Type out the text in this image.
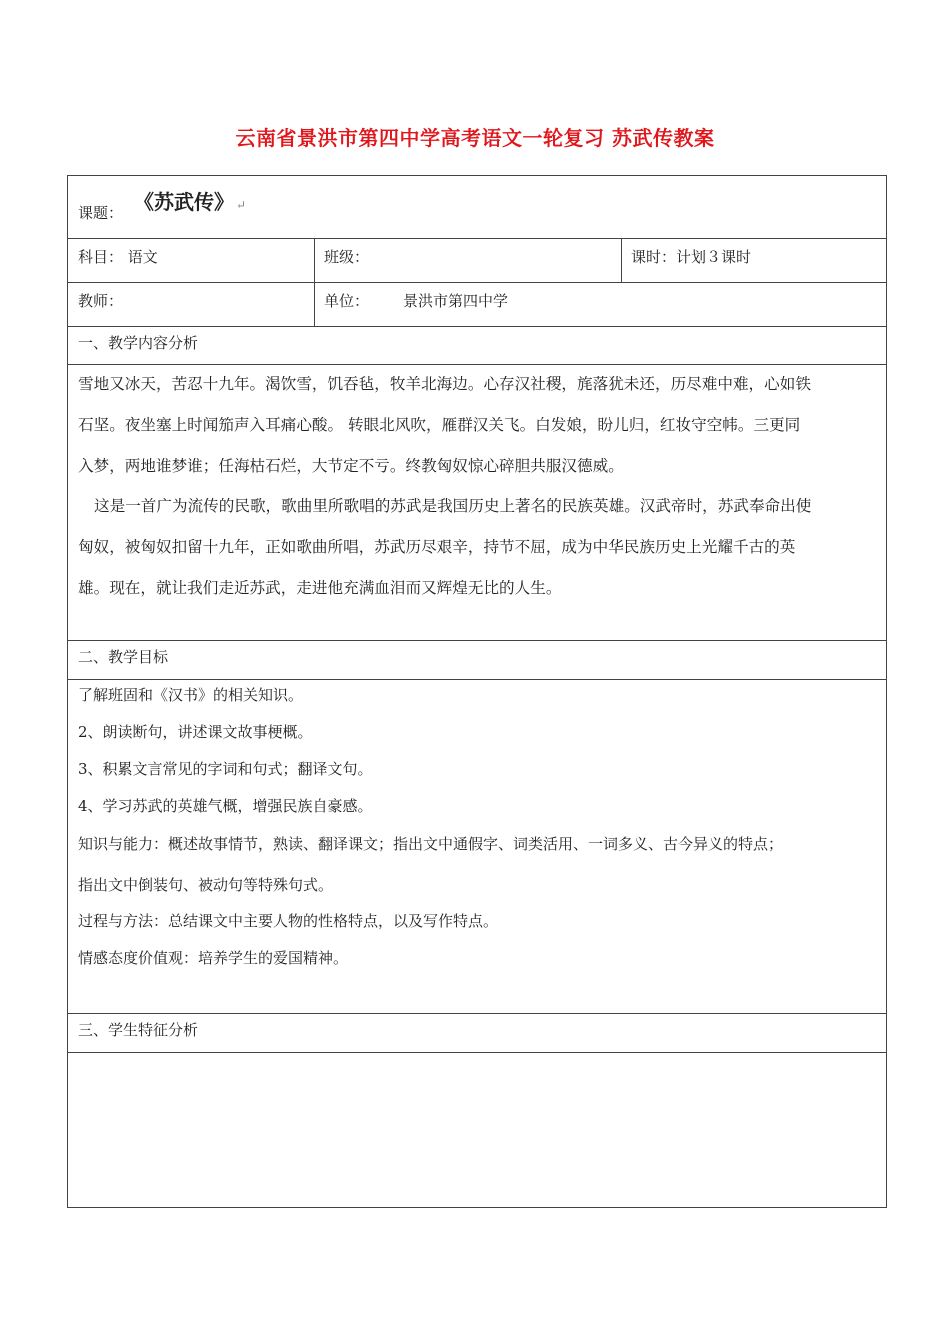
云南省景洪市第四中学高考语文一轮复习 苏武传教案
课题： 《苏武传》 ↵
科目： 语文	班级：	课时：计划３课时
教师：	单位： 景洪市第四中学
一、教学内容分析
雪地又冰天，苦忍十九年。渴饮雪，饥吞毡，牧羊北海边。心存汉社稷，旄落犹未还，历尽难中难，心如铁
石坚。夜坐塞上时闻笳声入耳痛心酸。 转眼北风吹，雁群汉关飞。白发娘，盼儿归，红妆守空帏。三更同
入梦，两地谁梦谁；任海枯石烂，大节定不亏。终教匈奴惊心碎胆共服汉德威。
这是一首广为流传的民歌，歌曲里所歌唱的苏武是我国历史上著名的民族英雄。汉武帝时，苏武奉命出使
匈奴，被匈奴扣留十九年，正如歌曲所唱，苏武历尽艰辛，持节不屈，成为中华民族历史上光耀千古的英
雄。现在，就让我们走近苏武，走进他充满血泪而又辉煌无比的人生。
二、教学目标
了解班固和《汉书》的相关知识。
2、朗读断句，讲述课文故事梗概。
3、积累文言常见的字词和句式；翻译文句。
4、学习苏武的英雄气概，增强民族自豪感。
知识与能力：概述故事情节，熟读、翻译课文；指出文中通假字、词类活用、一词多义、古今异义的特点；
指出文中倒装句、被动句等特殊句式。
过程与方法：总结课文中主要人物的性格特点，以及写作特点。
情感态度价值观：培养学生的爱国精神。
三、学生特征分析
